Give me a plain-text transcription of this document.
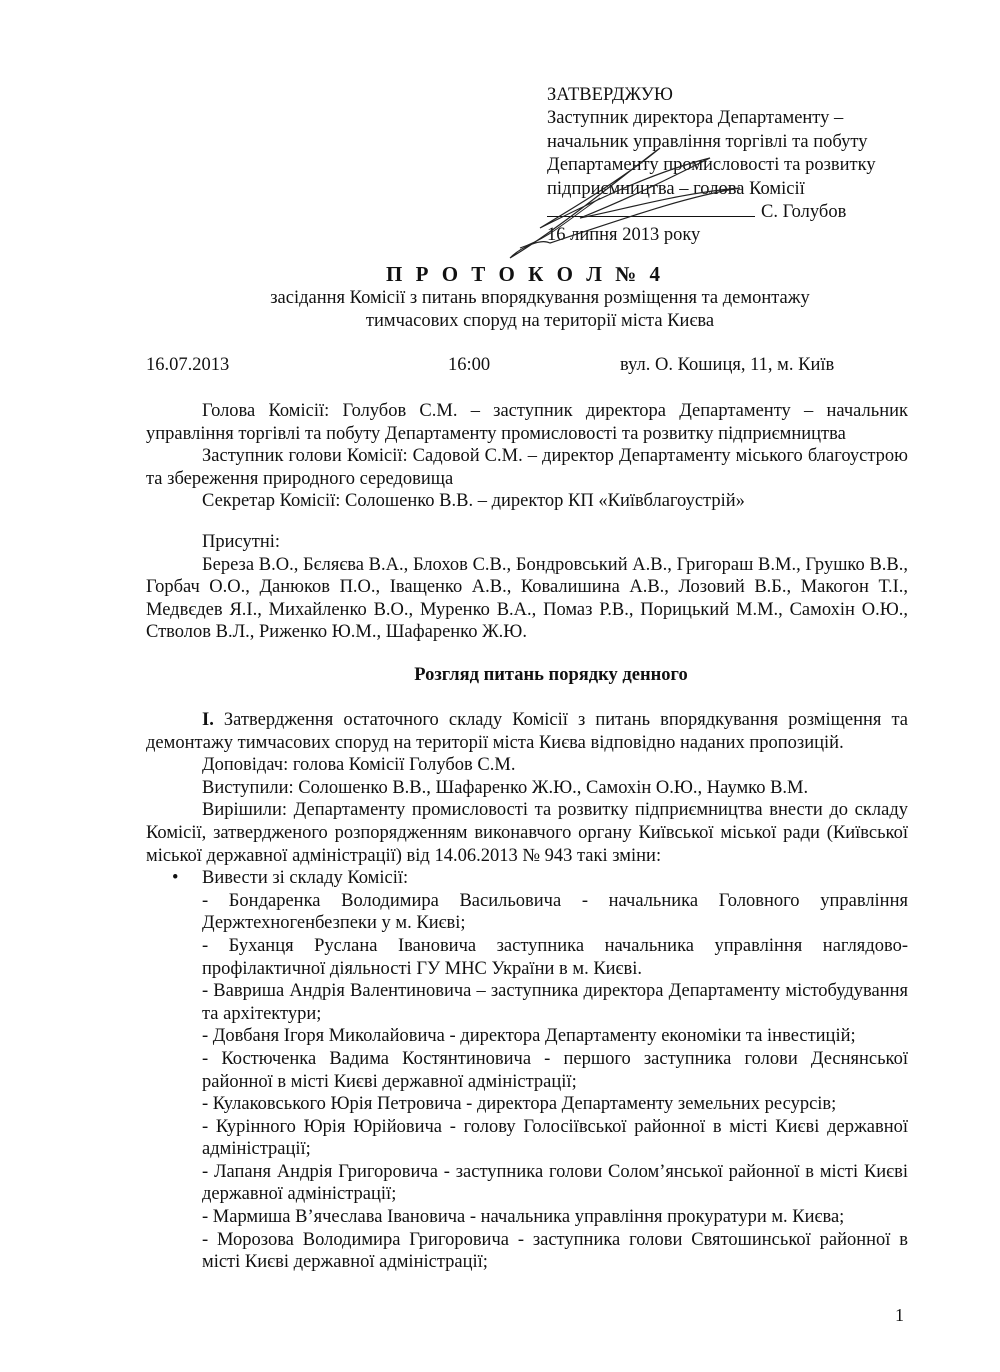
ЗАТВЕРДЖУЮ
Заступник директора Департаменту –
начальник управління торгівлі та побуту
Департаменту промисловості та розвитку
підприємництва – голова Комісії
С. Голубов
16 липня 2013 року
П Р О Т О К О Л № 4
засідання Комісії з питань впорядкування розміщення та демонтажу
тимчасових споруд на території міста Києва
16.07.2013	16:00	вул. О. Кошиця, 11, м. Київ
Голова Комісії: Голубов С.М. – заступник директора Департаменту – начальник управління торгівлі та побуту Департаменту промисловості та розвитку підприємництва
Заступник голови Комісії: Садовой С.М. – директор Департаменту міського благоустрою та збереження природного середовища
Секретар Комісії: Солошенко В.В. – директор КП «Київблагоустрій»
Присутні:
Береза В.О., Бєляєва В.А., Блохов С.В., Бондровський А.В., Григораш В.М., Грушко В.В., Горбач О.О., Данюков П.О., Іващенко А.В., Ковалишина А.В., Лозовий В.Б., Макогон Т.І., Медвєдев Я.І., Михайленко В.О., Муренко В.А., Помаз Р.В., Порицький М.М., Самохін О.Ю., Стволов В.Л., Риженко Ю.М., Шафаренко Ж.Ю.
Розгляд питань порядку денного
I. Затвердження остаточного складу Комісії з питань впорядкування розміщення та демонтажу тимчасових споруд на території міста Києва відповідно наданих пропозицій.
Доповідач: голова Комісії Голубов С.М.
Виступили: Солошенко В.В., Шафаренко Ж.Ю., Самохін О.Ю., Наумко В.М.
Вирішили: Департаменту промисловості та розвитку підприємництва внести до складу Комісії, затвердженого розпорядженням виконавчого органу Київської міської ради (Київської міської державної адміністрації) від 14.06.2013 № 943 такі зміни:
• Вивести зі складу Комісії:
- Бондаренка Володимира Васильовича - начальника Головного управління Держтехногенбезпеки у м. Києві;
- Буханця Руслана Івановича заступника начальника управління наглядово-профілактичної діяльності ГУ МНС України в м. Києві.
- Вавриша Андрія Валентиновича – заступника директора Департаменту містобудування та архітектури;
- Довбаня Ігоря Миколайовича - директора Департаменту економіки та інвестицій;
- Костюченка Вадима Костянтиновича - першого заступника голови Деснянської районної в місті Києві державної адміністрації;
- Кулаковського Юрія Петровича - директора Департаменту земельних ресурсів;
- Курінного Юрія Юрійовича - голову Голосіївської районної в місті Києві державної адміністрації;
- Лапаня Андрія Григоровича - заступника голови Солом’янської районної в місті Києві державної адміністрації;
- Мармиша В’ячеслава Івановича - начальника управління прокуратури м. Києва;
- Морозова Володимира Григоровича - заступника голови Святошинської районної в місті Києві державної адміністрації;
1
